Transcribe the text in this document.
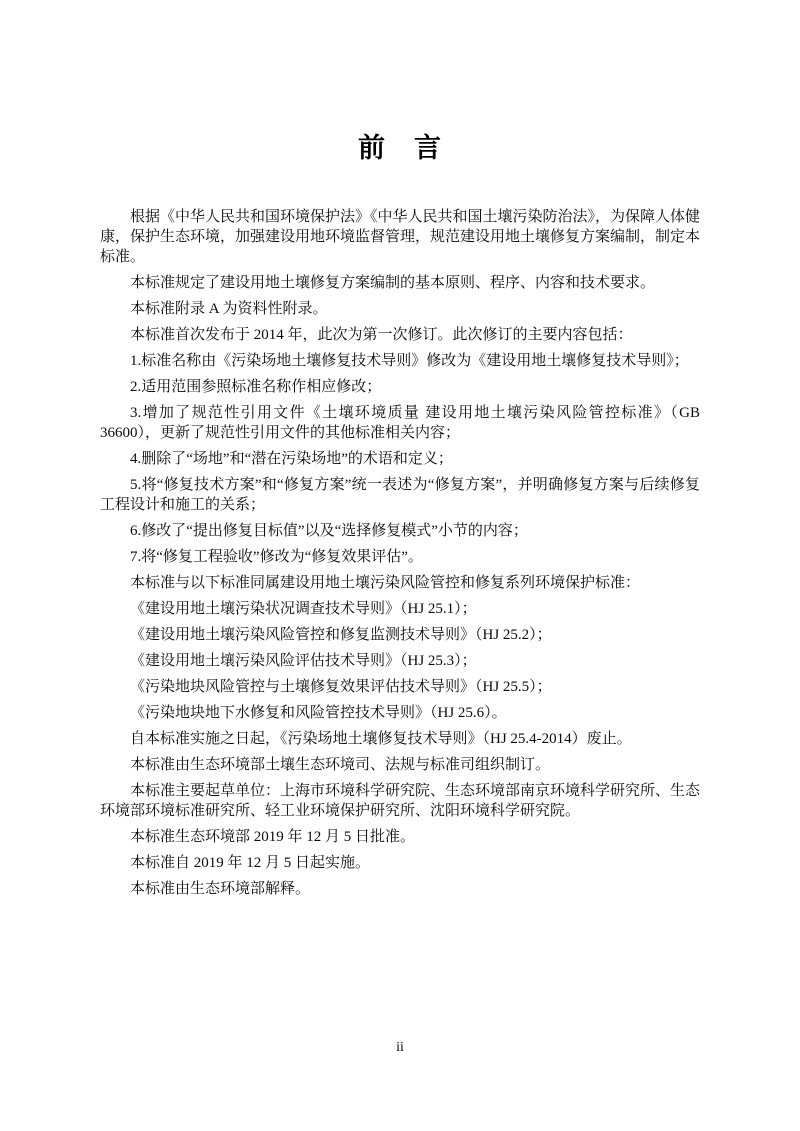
前　言

根据《中华人民共和国环境保护法》《中华人民共和国土壤污染防治法》，为保障人体健康，保护生态环境，加强建设用地环境监督管理，规范建设用地土壤修复方案编制，制定本标准。

本标准规定了建设用地土壤修复方案编制的基本原则、程序、内容和技术要求。

本标准附录 A 为资料性附录。

本标准首次发布于 2014 年，此次为第一次修订。此次修订的主要内容包括：

1.标准名称由《污染场地土壤修复技术导则》修改为《建设用地土壤修复技术导则》；

2.适用范围参照标准名称作相应修改；

3.增加了规范性引用文件《土壤环境质量 建设用地土壤污染风险管控标准》（GB 36600），更新了规范性引用文件的其他标准相关内容；

4.删除了“场地”和“潜在污染场地”的术语和定义；

5.将“修复技术方案”和“修复方案”统一表述为“修复方案”，并明确修复方案与后续修复工程设计和施工的关系；

6.修改了“提出修复目标值”以及“选择修复模式”小节的内容；

7.将“修复工程验收”修改为“修复效果评估”。

本标准与以下标准同属建设用地土壤污染风险管控和修复系列环境保护标准：

《建设用地土壤污染状况调查技术导则》（HJ 25.1）；

《建设用地土壤污染风险管控和修复监测技术导则》（HJ 25.2）；

《建设用地土壤污染风险评估技术导则》（HJ 25.3）；

《污染地块风险管控与土壤修复效果评估技术导则》（HJ 25.5）；

《污染地块地下水修复和风险管控技术导则》（HJ 25.6）。

自本标准实施之日起，《污染场地土壤修复技术导则》（HJ 25.4-2014）废止。

本标准由生态环境部土壤生态环境司、法规与标准司组织制订。

本标准主要起草单位：上海市环境科学研究院、生态环境部南京环境科学研究所、生态环境部环境标准研究所、轻工业环境保护研究所、沈阳环境科学研究院。

本标准生态环境部 2019 年 12 月 5 日批准。

本标准自 2019 年 12 月 5 日起实施。

本标准由生态环境部解释。

ii
